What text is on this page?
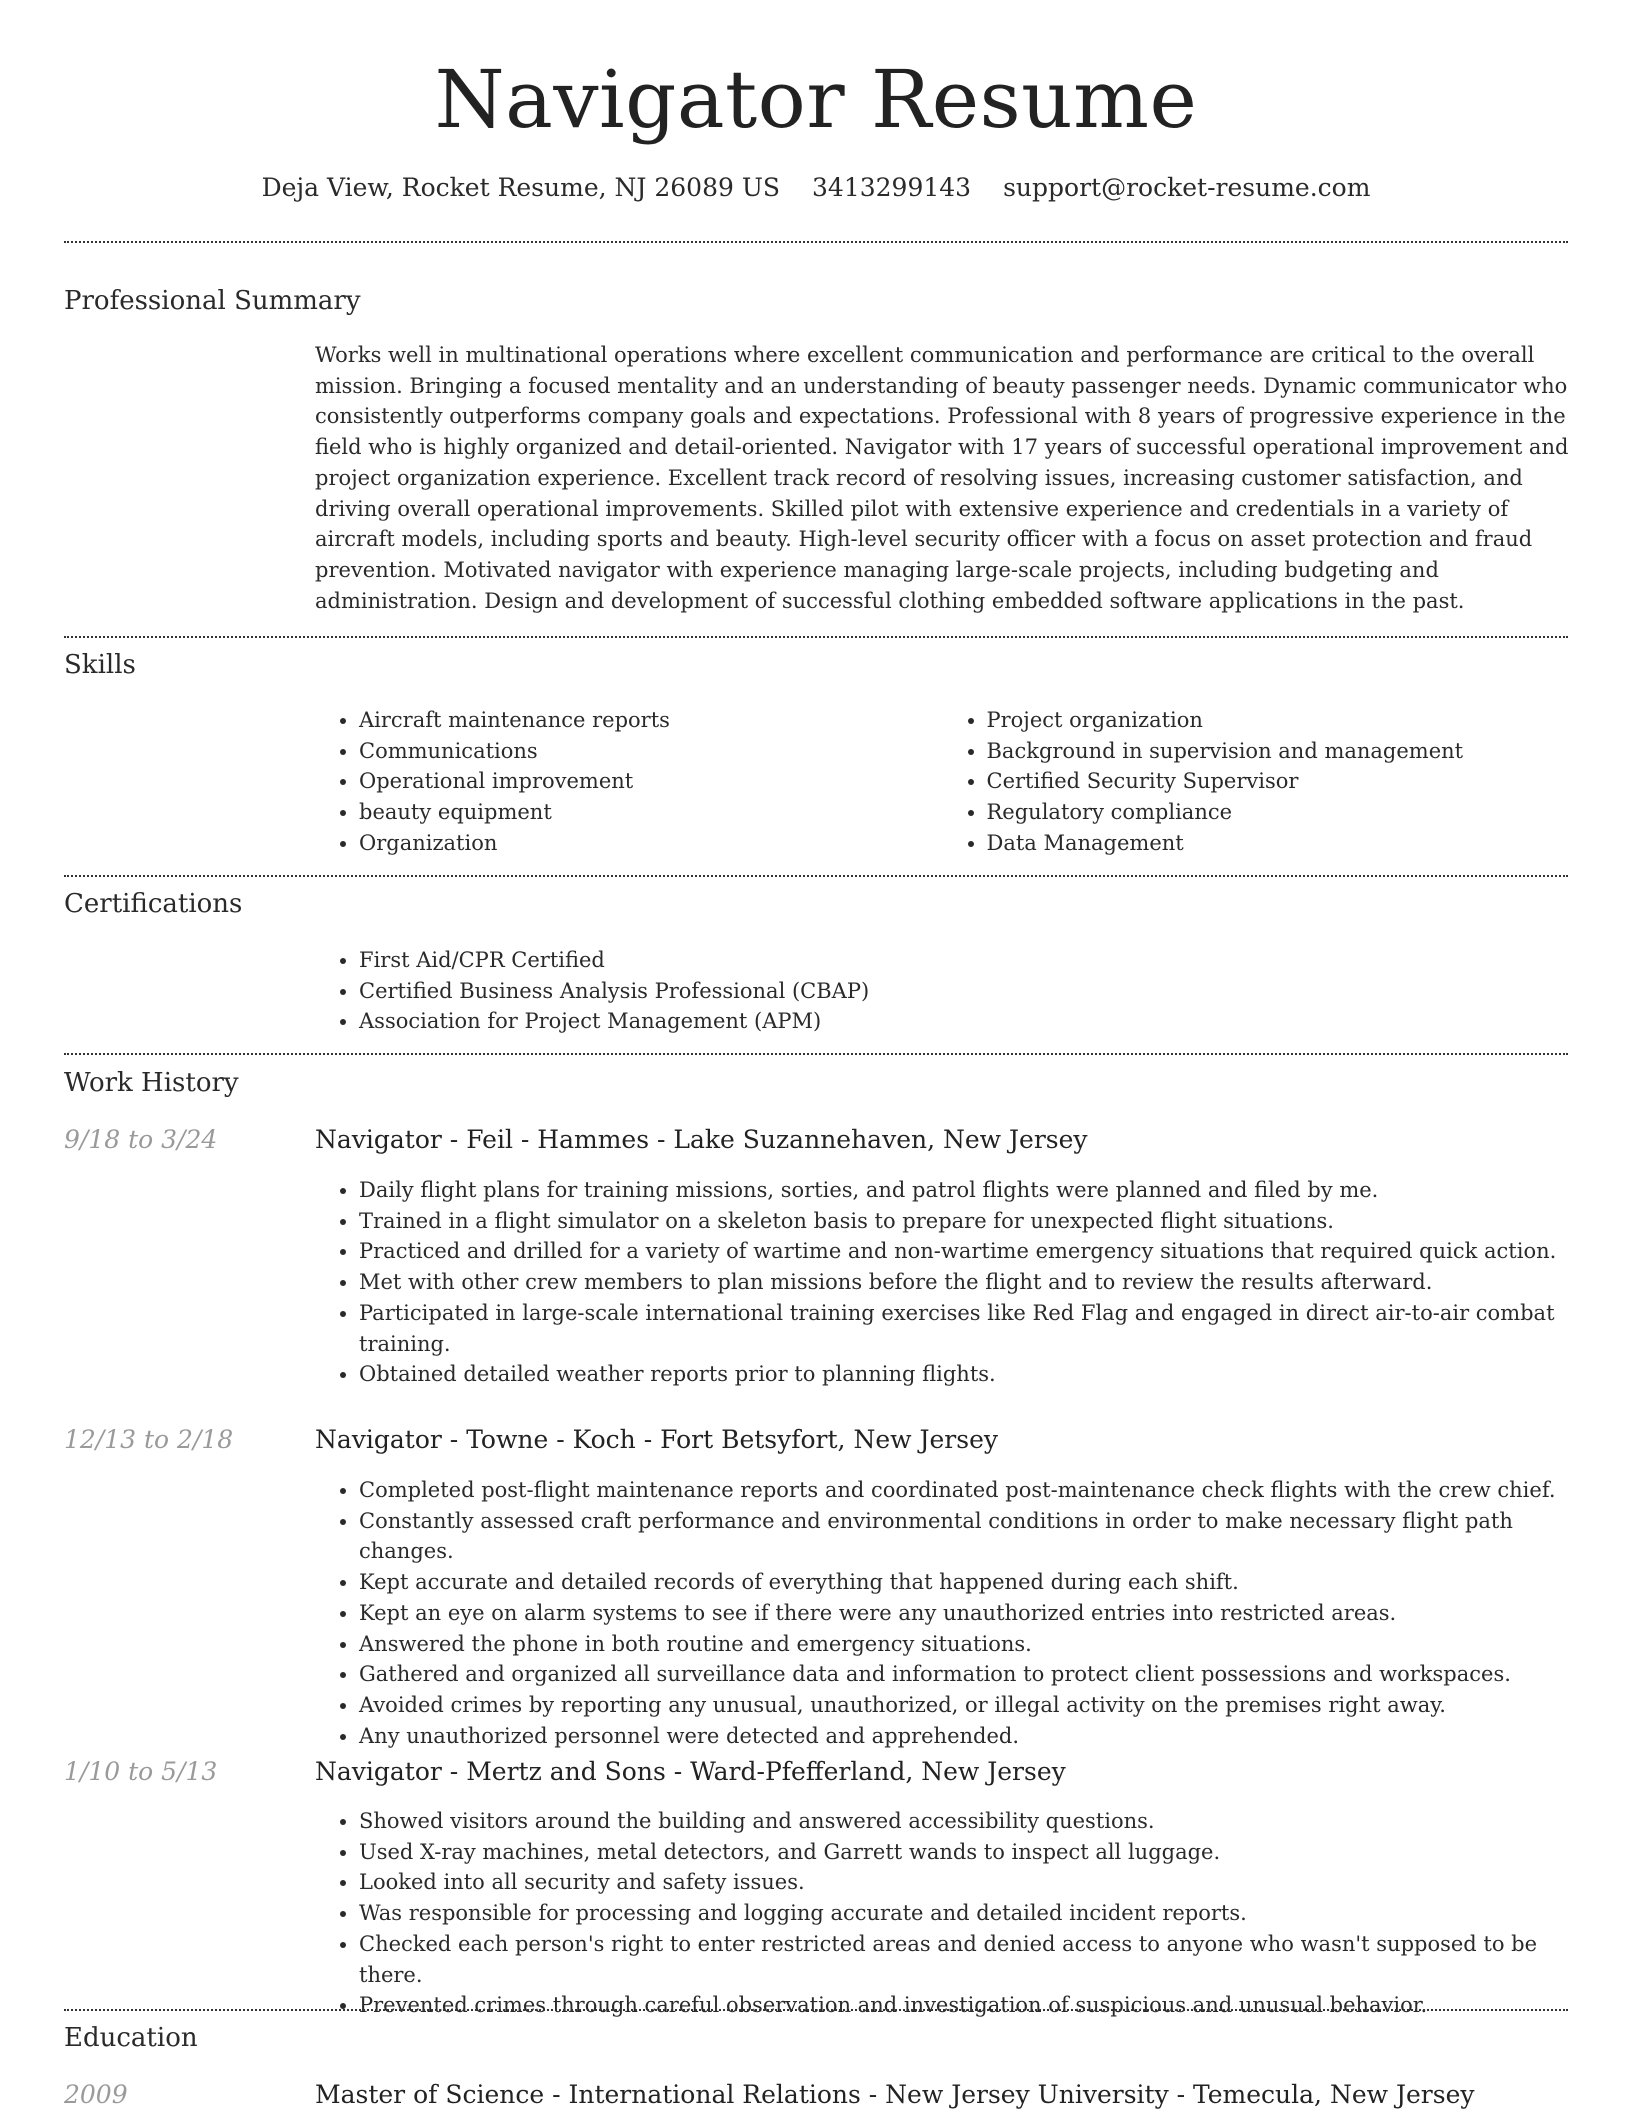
Navigator Resume
Deja View, Rocket Resume, NJ 26089 US 3413299143 support@rocket-resume.com
Professional Summary

Works well in multinational operations where excellent communication and performance are critical to the overall mission. Bringing a focused mentality and an understanding of beauty passenger needs. Dynamic communicator who consistently outperforms company goals and expectations. Professional with 8 years of progressive experience in the field who is highly organized and detail-oriented. Navigator with 17 years of successful operational improvement and project organization experience. Excellent track record of resolving issues, increasing customer satisfaction, and driving overall operational improvements. Skilled pilot with extensive experience and credentials in a variety of aircraft models, including sports and beauty. High-level security officer with a focus on asset protection and fraud prevention. Motivated navigator with experience managing large-scale projects, including budgeting and administration. Design and development of successful clothing embedded software applications in the past.

Skills
• Aircraft maintenance reports
• Communications
• Operational improvement
• beauty equipment
• Organization
• Project organization
• Background in supervision and management
• Certified Security Supervisor
• Regulatory compliance
• Data Management
Certifications
• First Aid/CPR Certified
• Certified Business Analysis Professional (CBAP)
• Association for Project Management (APM)
Work History
9/18 to 3/24	Navigator - Feil - Hammes - Lake Suzannehaven, New Jersey
• Daily flight plans for training missions, sorties, and patrol flights were planned and filed by me.
• Trained in a flight simulator on a skeleton basis to prepare for unexpected flight situations.
• Practiced and drilled for a variety of wartime and non-wartime emergency situations that required quick action.
• Met with other crew members to plan missions before the flight and to review the results afterward.
• Participated in large-scale international training exercises like Red Flag and engaged in direct air-to-air combat training.
• Obtained detailed weather reports prior to planning flights.
12/13 to 2/18	Navigator - Towne - Koch - Fort Betsyfort, New Jersey
• Completed post-flight maintenance reports and coordinated post-maintenance check flights with the crew chief.
• Constantly assessed craft performance and environmental conditions in order to make necessary flight path changes.
• Kept accurate and detailed records of everything that happened during each shift.
• Kept an eye on alarm systems to see if there were any unauthorized entries into restricted areas.
• Answered the phone in both routine and emergency situations.
• Gathered and organized all surveillance data and information to protect client possessions and workspaces.
• Avoided crimes by reporting any unusual, unauthorized, or illegal activity on the premises right away.
• Any unauthorized personnel were detected and apprehended.
1/10 to 5/13	Navigator - Mertz and Sons - Ward-Pfefferland, New Jersey
• Showed visitors around the building and answered accessibility questions.
• Used X-ray machines, metal detectors, and Garrett wands to inspect all luggage.
• Looked into all security and safety issues.
• Was responsible for processing and logging accurate and detailed incident reports.
• Checked each person's right to enter restricted areas and denied access to anyone who wasn't supposed to be there.
• Prevented crimes through careful observation and investigation of suspicious and unusual behavior.
Education
2009	Master of Science - International Relations - New Jersey University - Temecula, New Jersey
